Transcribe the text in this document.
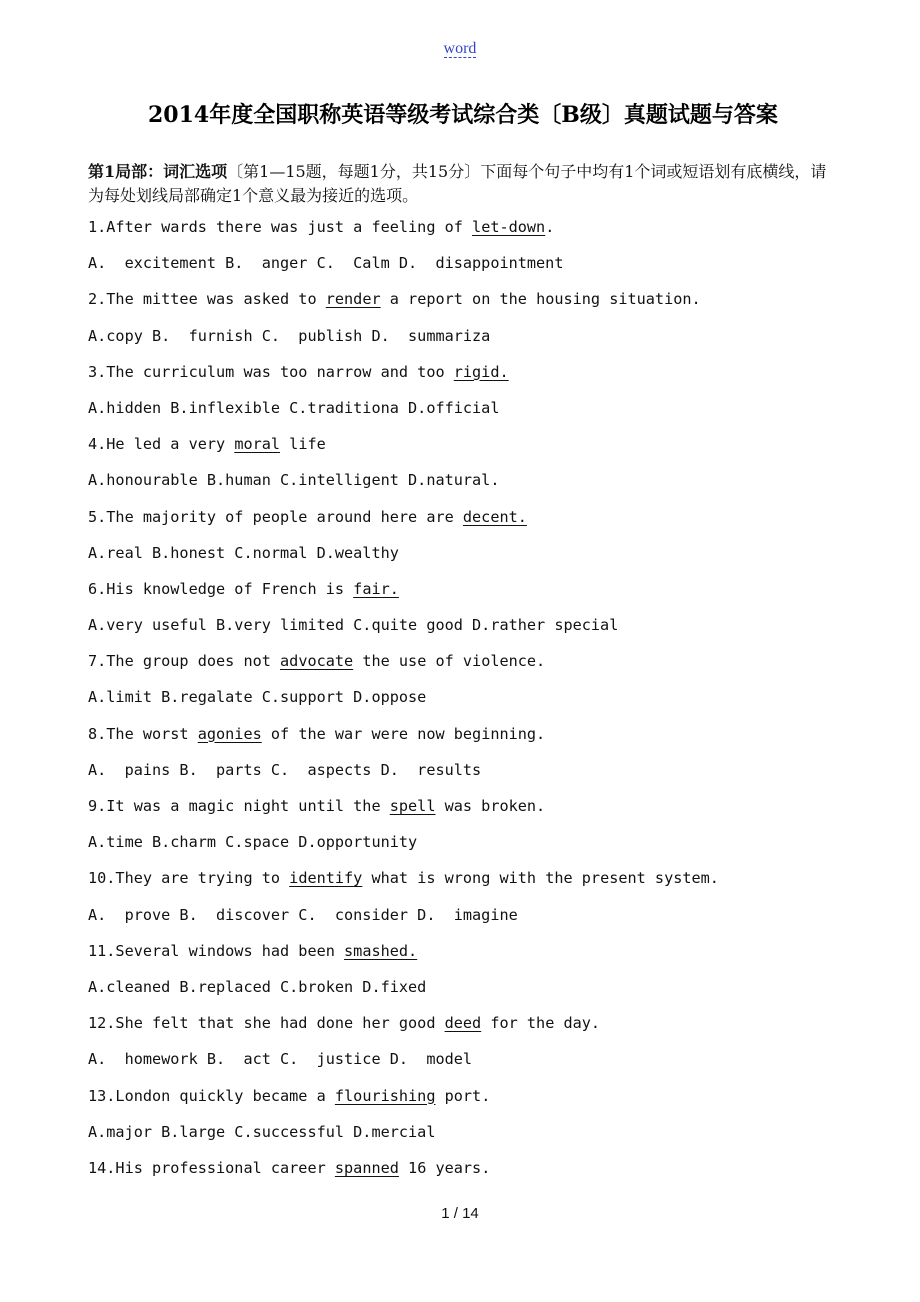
word
2014年度全国职称英语等级考试综合类〔B级〕真题试题与答案
第1局部：词汇选项〔第1—15题，每题1分，共15分〕下面每个句子中均有1个词或短语划有底横线，请为每处划线局部确定1个意义最为接近的选项。
1.After wards there was just a feeling of let-down.
A.  excitement B.  anger C.  Calm D.  disappointment
2.The mittee was asked to render a report on the housing situation.
A.copy B.  furnish C.  publish D.  summariza
3.The curriculum was too narrow and too rigid.
A.hidden B.inflexible C.traditiona D.official
4.He led a very moral life
A.honourable B.human C.intelligent D.natural.
5.The majority of people around here are decent.
A.real B.honest C.normal D.wealthy
6.His knowledge of French is fair.
A.very useful B.very limited C.quite good D.rather special
7.The group does not advocate the use of violence.
A.limit B.regalate C.support D.oppose
8.The worst agonies of the war were now beginning.
A.  pains B.  parts C.  aspects D.  results
9.It was a magic night until the spell was broken.
A.time B.charm C.space D.opportunity
10.They are trying to identify what is wrong with the present system.
A.  prove B.  discover C.  consider D.  imagine
11.Several windows had been smashed.
A.cleaned B.replaced C.broken D.fixed
12.She felt that she had done her good deed for the day.
A.  homework B.  act C.  justice D.  model
13.London quickly became a flourishing port.
A.major B.large C.successful D.mercial
14.His professional career spanned 16 years.
1 / 14
